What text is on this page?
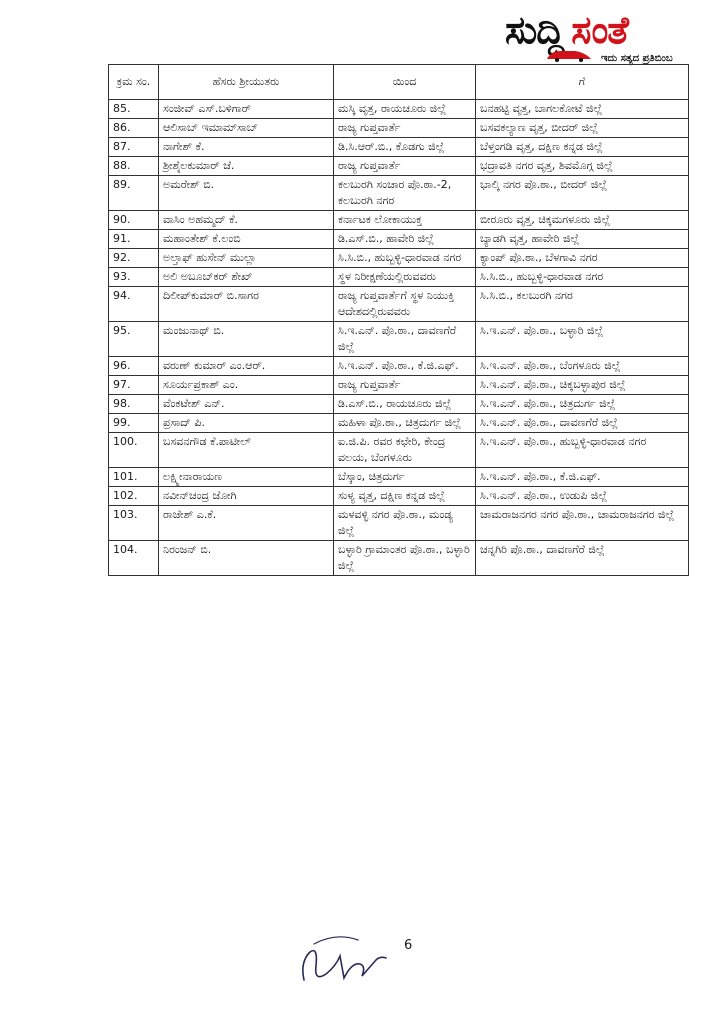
ಸುದ್ದಿ ಸಂತೆ
ಇದು ಸತ್ಯದ ಪ್ರತಿಬಿಂಬ
ಕ್ರಮ ಸಂ.	ಹೆಸರು ಶ್ರೀಯುತರು	ಯಿಂದ	ಗೆ
85.	ಸಂಜೀವ್ ಎಸ್.ಬಳಿಗಾರ್	ಮಸ್ಕಿ ವೃತ್ತ, ರಾಯಚೂರು ಜಿಲ್ಲೆ	ಬನಹಟ್ಟಿ ವೃತ್ತ, ಬಾಗಲಕೋಟೆ ಜಿಲ್ಲೆ
86.	ಆಲಿಸಾಬ್ ಇಮಾಮ್‌ಸಾಬ್	ರಾಜ್ಯ ಗುಪ್ತವಾರ್ತೆ	ಬಸವಕಲ್ಯಾಣ ವೃತ್ತ, ಬೀದರ್ ಜಿಲ್ಲೆ
87.	ನಾಗೇಶ್ ಕೆ.	ಡಿ.ಸಿ.ಆರ್.ಬಿ., ಕೊಡಗು ಜಿಲ್ಲೆ	ಬೆಳ್ತಂಗಡಿ ವೃತ್ತ, ದಕ್ಷಿಣ ಕನ್ನಡ ಜಿಲ್ಲೆ
88.	ಶ್ರೀಶೈಲಕುಮಾರ್ ಜೆ.	ರಾಜ್ಯ ಗುಪ್ತವಾರ್ತೆ	ಭದ್ರಾವತಿ ನಗರ ವೃತ್ತ, ಶಿವಮೊಗ್ಗ ಜಿಲ್ಲೆ
89.	ಅಮರೇಶ್ ಬಿ.	ಕಲಬುರಗಿ ಸಂಚಾರ ಪೊ.ಠಾ.-2, ಕಲಬುರಗಿ ನಗರ	ಭಾಲ್ಕಿ ನಗರ ಪೊ.ಠಾ., ಬೀದರ್ ಜಿಲ್ಲೆ
90.	ವಾಸಿಂ ಅಹಮ್ಮದ್ ಕೆ.	ಕರ್ನಾಟಕ ಲೋಕಾಯುಕ್ತ	ಬೀರೂರು ವೃತ್ತ, ಚಿಕ್ಕಮಗಳೂರು ಜಿಲ್ಲೆ
91.	ಮಹಾಂತೇಶ್ ಕೆ.ಲಂಬಿ	ಡಿ.ಎಸ್.ಬಿ., ಹಾವೇರಿ ಜಿಲ್ಲೆ	ಬ್ಯಾಡಗಿ ವೃತ್ತ, ಹಾವೇರಿ ಜಿಲ್ಲೆ
92.	ಅಲ್ತಾಫ್ ಹುಸೇನ್ ಮುಲ್ಲಾ	ಸಿ.ಸಿ.ಬಿ., ಹುಬ್ಬಳ್ಳಿ-ಧಾರವಾಡ ನಗರ	ಕ್ಯಾಂಪ್ ಪೊ.ಠಾ., ಬೆಳಗಾವಿ ನಗರ
93.	ಅಲಿ ಅಬೂಬ್‌ಕರ್ ಶೇಖ್	ಸ್ಥಳ ನಿರೀಕ್ಷಣೆಯಲ್ಲಿರುವವರು	ಸಿ.ಸಿ.ಬಿ., ಹುಬ್ಬಳ್ಳಿ-ಧಾರವಾಡ ನಗರ
94.	ದಿಲೀಪ್‌ಕುಮಾರ್ ಬಿ.ಸಾಗರ	ರಾಜ್ಯ ಗುಪ್ತವಾರ್ತೆಗೆ ಸ್ಥಳ ನಿಯುಕ್ತಿ ಆದೇಶದಲ್ಲಿರುವವರು	ಸಿ.ಸಿ.ಬಿ., ಕಲಬುರಗಿ ನಗರ
95.	ಮಂಜುನಾಥ್ ಬಿ.	ಸಿ.ಇ.ಎನ್. ಪೊ.ಠಾ., ದಾವಣಗೆರೆ ಜಿಲ್ಲೆ	ಸಿ.ಇ.ಎನ್. ಪೊ.ಠಾ., ಬಳ್ಳಾರಿ ಜಿಲ್ಲೆ
96.	ವರುಣ್ ಕುಮಾರ್ ಎಂ.ಆರ್.	ಸಿ.ಇ.ಎನ್. ಪೊ.ಠಾ., ಕೆ.ಜಿ.ಎಫ್.	ಸಿ.ಇ.ಎನ್. ಪೊ.ಠಾ., ಬೆಂಗಳೂರು ಜಿಲ್ಲೆ
97.	ಸೂರ್ಯಪ್ರಕಾಶ್ ಎಂ.	ರಾಜ್ಯ ಗುಪ್ತವಾರ್ತೆ	ಸಿ.ಇ.ಎನ್. ಪೊ.ಠಾ., ಚಿಕ್ಕಬಳ್ಳಾಪುರ ಜಿಲ್ಲೆ
98.	ವೆಂಕಟೇಶ್ ಎನ್.	ಡಿ.ಎಸ್.ಬಿ., ರಾಯಚೂರು ಜಿಲ್ಲೆ	ಸಿ.ಇ.ಎನ್. ಪೊ.ಠಾ., ಚಿತ್ರದುರ್ಗ ಜಿಲ್ಲೆ
99.	ಪ್ರಸಾದ್ ಪಿ.	ಮಹಿಳಾ ಪೊ.ಠಾ., ಚಿತ್ರದುರ್ಗ ಜಿಲ್ಲೆ	ಸಿ.ಇ.ಎನ್. ಪೊ.ಠಾ., ದಾವಣಗೆರೆ ಜಿಲ್ಲೆ
100.	ಬಸವನಗೌಡ ಕೆ.ಪಾಟೀಲ್	ಐ.ಜಿ.ಪಿ. ರವರ ಕಛೇರಿ, ಕೇಂದ್ರ ವಲಯ, ಬೆಂಗಳೂರು	ಸಿ.ಇ.ಎನ್. ಪೊ.ಠಾ., ಹುಬ್ಬಳ್ಳಿ-ಧಾರವಾಡ ನಗರ
101.	ಲಕ್ಷ್ಮೀನಾರಾಯಣ	ಬೆಸ್ಕಾಂ, ಚಿತ್ರದುರ್ಗ	ಸಿ.ಇ.ಎನ್. ಪೊ.ಠಾ., ಕೆ.ಜಿ.ಎಫ್.
102.	ನವೀನ್‌ಚಂದ್ರ ಜೋಗಿ	ಸುಳ್ಯ ವೃತ್ತ, ದಕ್ಷಿಣ ಕನ್ನಡ ಜಿಲ್ಲೆ	ಸಿ.ಇ.ಎನ್. ಪೊ.ಠಾ., ಉಡುಪಿ ಜಿಲ್ಲೆ
103.	ರಾಜೇಶ್ ಎ.ಕೆ.	ಮಳವಳ್ಳಿ ನಗರ ಪೊ.ಠಾ., ಮಂಡ್ಯ ಜಿಲ್ಲೆ	ಚಾಮರಾಜನಗರ ನಗರ ಪೊ.ಠಾ., ಚಾಮರಾಜನಗರ ಜಿಲ್ಲೆ
104.	ನಿರಂಜನ್ ಬಿ.	ಬಳ್ಳಾರಿ ಗ್ರಾಮಾಂತರ ಪೊ.ಠಾ., ಬಳ್ಳಾರಿ ಜಿಲ್ಲೆ	ಚನ್ನಗಿರಿ ಪೊ.ಠಾ., ದಾವಣಗೆರೆ ಜಿಲ್ಲೆ
6
